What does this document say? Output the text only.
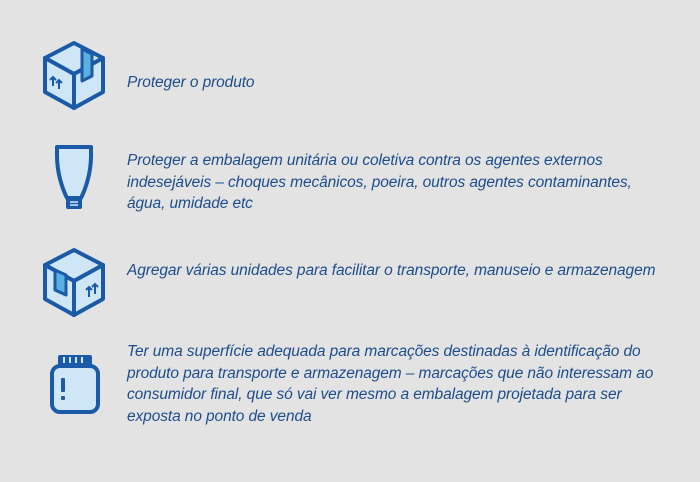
Proteger o produto

Proteger a embalagem unitária ou coletiva contra os agentes externos indesejáveis – choques mecânicos, poeira, outros agentes contaminantes, água, umidade etc

Agregar várias unidades para facilitar o transporte, manuseio e armazenagem

Ter uma superfície adequada para marcações destinadas à identificação do produto para transporte e armazenagem – marcações que não interessam ao consumidor final, que só vai ver mesmo a embalagem projetada para ser exposta no ponto de venda
